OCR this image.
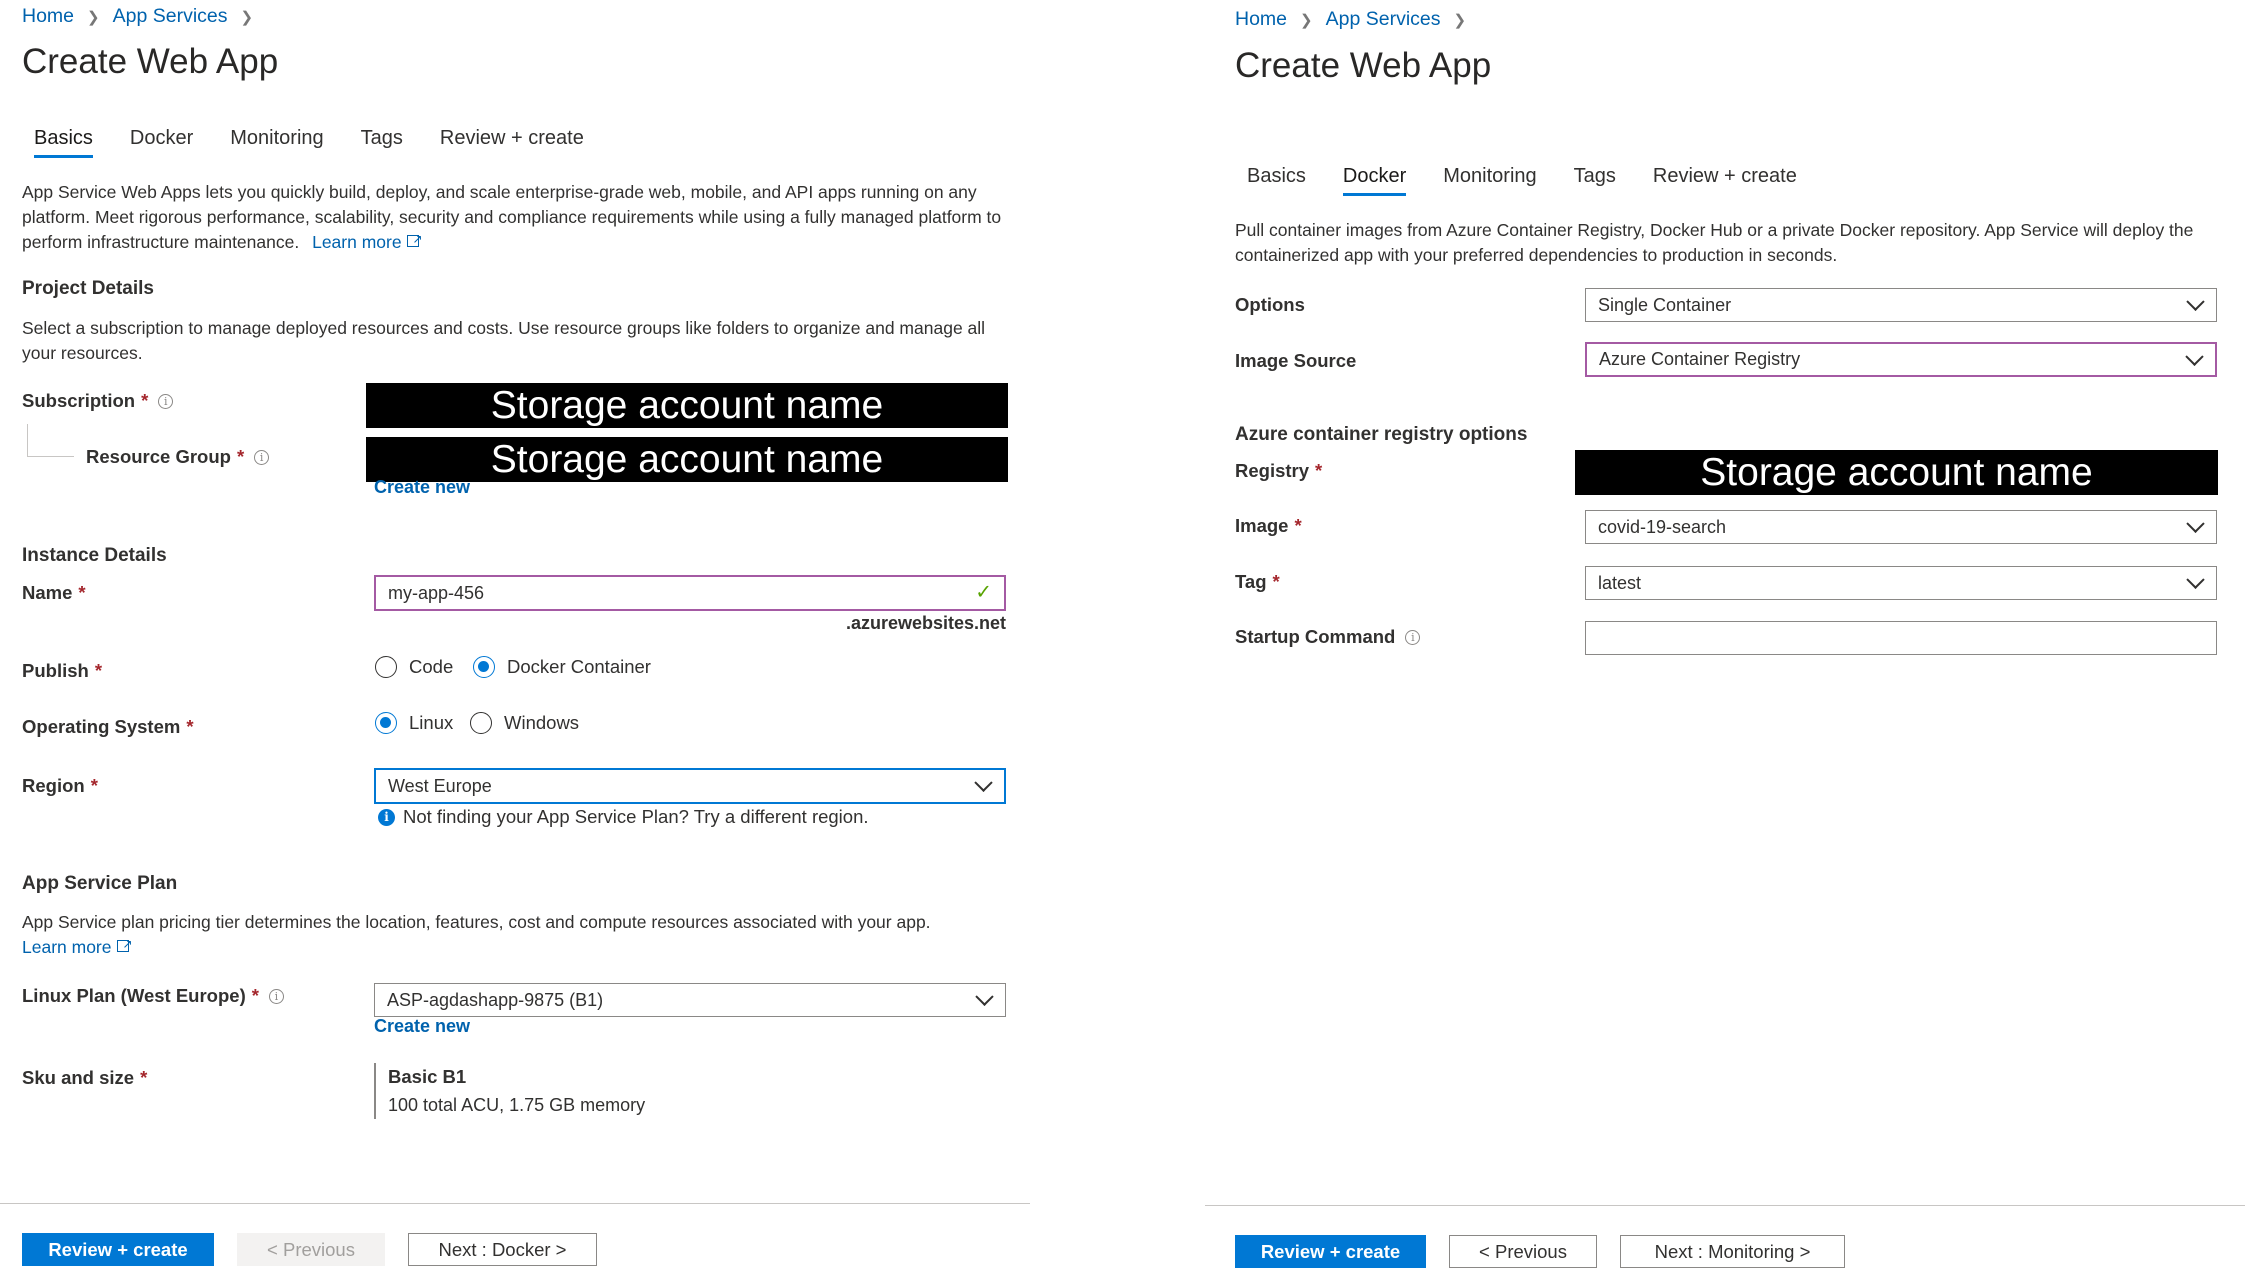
Home ❯ App Services ❯
Create Web App
Basics Docker Monitoring Tags Review + create

App Service Web Apps lets you quickly build, deploy, and scale enterprise-grade web, mobile, and API apps running on any platform. Meet rigorous performance, scalability, security and compliance requirements while using a fully managed platform to perform infrastructure maintenance. Learn more↗

Project Details

Select a subscription to manage deployed resources and costs. Use resource groups like folders to organize and manage all your resources.

Subscription *	i	Storage account name
Resource Group *	i	Storage account name
Create new
Instance Details
Name *	my-app-456	✓
.azurewebsites.net
Publish *	Code	Docker Container
Operating System *	Linux	Windows
Region *	West Europe
i Not finding your App Service Plan? Try a different region.
App Service Plan

App Service plan pricing tier determines the location, features, cost and compute resources associated with your app.
Learn more↗

Linux Plan (West Europe) *	i	ASP-agdashapp-9875 (B1)
Create new
Sku and size *	Basic B1
100 total ACU, 1.75 GB memory
Review + create	< Previous	Next : Docker >
Home ❯ App Services ❯
Create Web App
Basics Docker Monitoring Tags Review + create

Pull container images from Azure Container Registry, Docker Hub or a private Docker repository. App Service will deploy the containerized app with your preferred dependencies to production in seconds.

Options	Single Container
Image Source	Azure Container Registry
Azure container registry options
Registry *	Storage account name
Image *	covid-19-search
Tag *	latest
Startup Command	i
Review + create	< Previous	Next : Monitoring >
